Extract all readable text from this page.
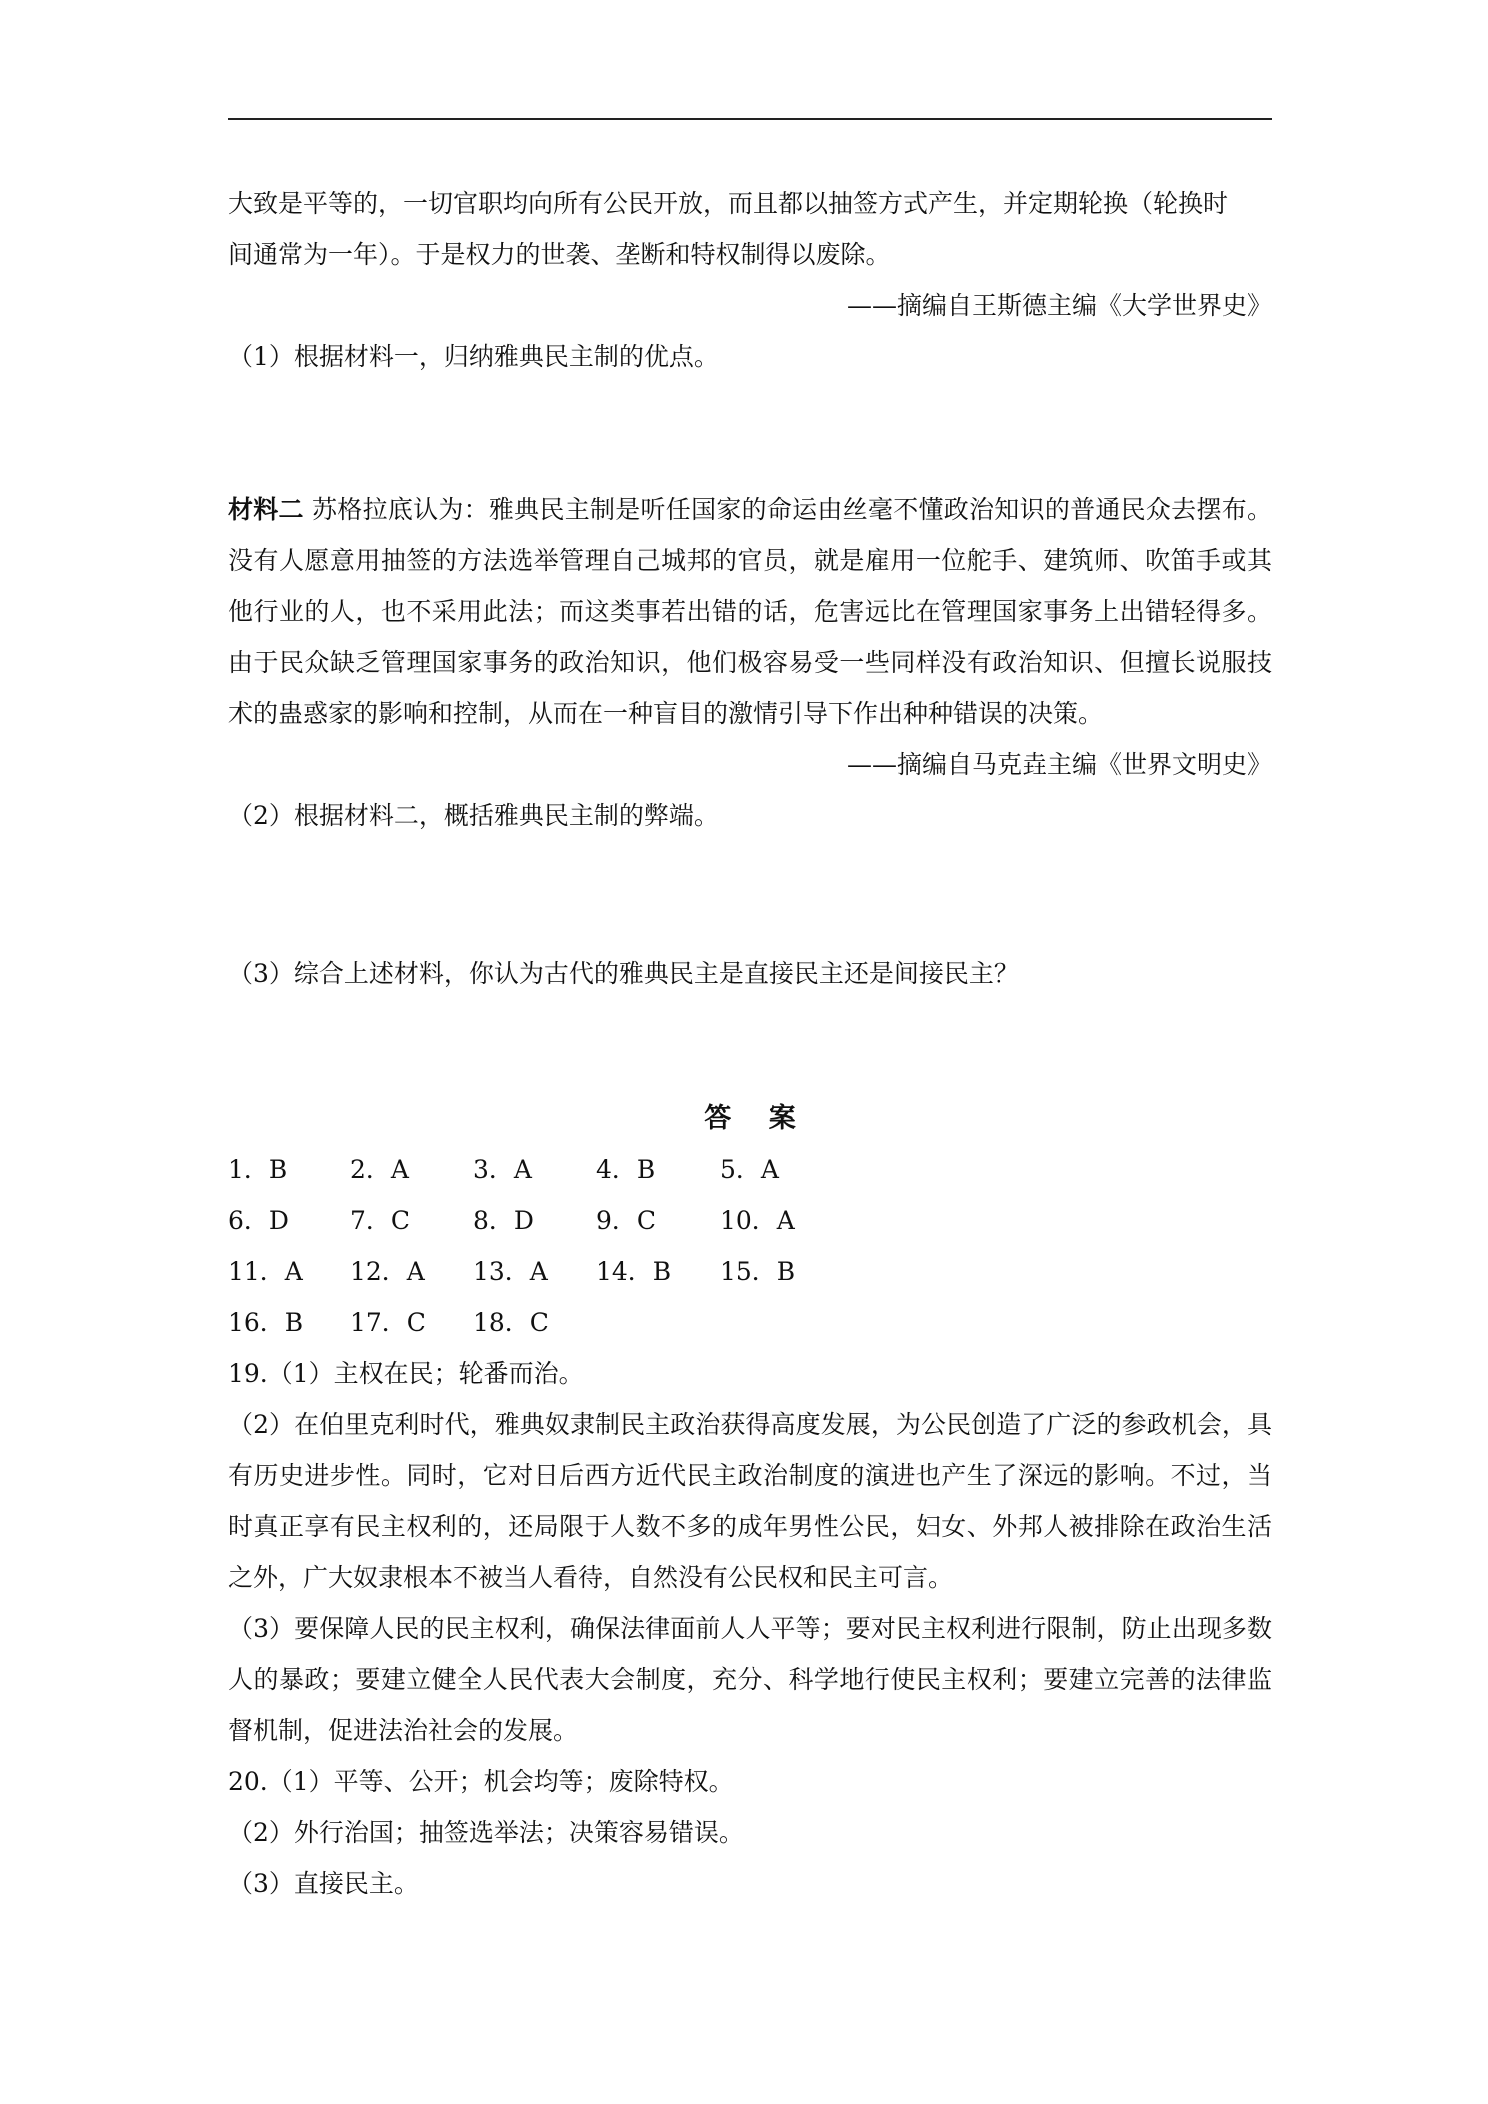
大致是平等的，一切官职均向所有公民开放，而且都以抽签方式产生，并定期轮换（轮换时

间通常为一年）。于是权力的世袭、垄断和特权制得以废除。

——摘编自王斯德主编《大学世界史》

（1）根据材料一，归纳雅典民主制的优点。

材料二 苏格拉底认为：雅典民主制是听任国家的命运由丝毫不懂政治知识的普通民众去摆布。没有人愿意用抽签的方法选举管理自己城邦的官员，就是雇用一位舵手、建筑师、吹笛手或其他行业的人，也不采用此法；而这类事若出错的话，危害远比在管理国家事务上出错轻得多。由于民众缺乏管理国家事务的政治知识，他们极容易受一些同样没有政治知识、但擅长说服技术的蛊惑家的影响和控制，从而在一种盲目的激情引导下作出种种错误的决策。

——摘编自马克垚主编《世界文明史》

（2）根据材料二，概括雅典民主制的弊端。

（3）综合上述材料，你认为古代的雅典民主是直接民主还是间接民主？

答 案

1．B	2．A	3．A	4．B	5．A
6．D	7．C	8．D	9．C	10．A
11．A	12．A	13．A	14．B	15．B
16．B	17．C	18．C

19.（1）主权在民；轮番而治。

（2）在伯里克利时代，雅典奴隶制民主政治获得高度发展，为公民创造了广泛的参政机会，具有历史进步性。同时，它对日后西方近代民主政治制度的演进也产生了深远的影响。不过，当时真正享有民主权利的，还局限于人数不多的成年男性公民，妇女、外邦人被排除在政治生活之外，广大奴隶根本不被当人看待，自然没有公民权和民主可言。

（3）要保障人民的民主权利，确保法律面前人人平等；要对民主权利进行限制，防止出现多数人的暴政；要建立健全人民代表大会制度，充分、科学地行使民主权利；要建立完善的法律监督机制，促进法治社会的发展。

20.（1）平等、公开；机会均等；废除特权。

（2）外行治国；抽签选举法；决策容易错误。

（3）直接民主。
